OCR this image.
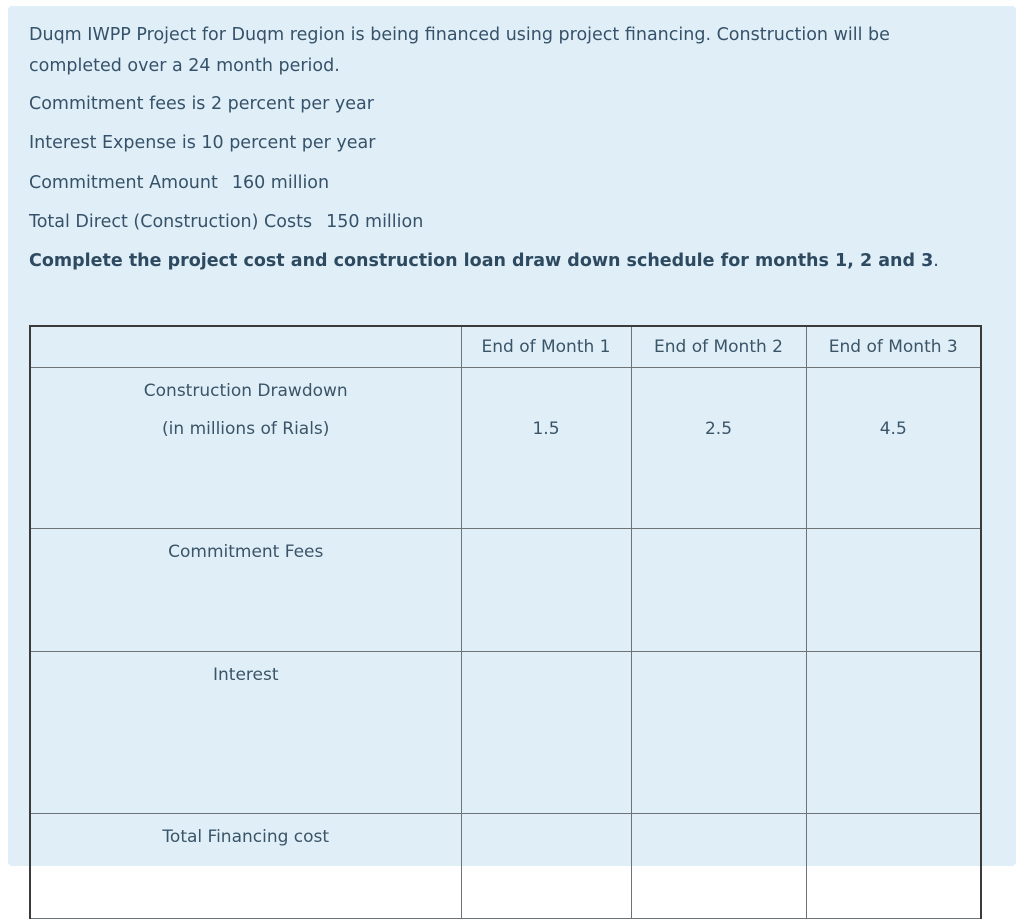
Duqm IWPP Project for Duqm region is being financed using project financing. Construction will be
completed over a 24 month period.
Commitment fees is 2 percent per year
Interest Expense is 10 percent per year
Commitment Amount 160 million
Total Direct (Construction) Costs 150 million
Complete the project cost and construction loan draw down schedule for months 1, 2 and 3.
	End of Month 1	End of Month 2	End of Month 3

Construction Drawdown
(in millions of Rials)	1.5	2.5	4.5
Commitment Fees			
Interest			
Total Financing cost			
